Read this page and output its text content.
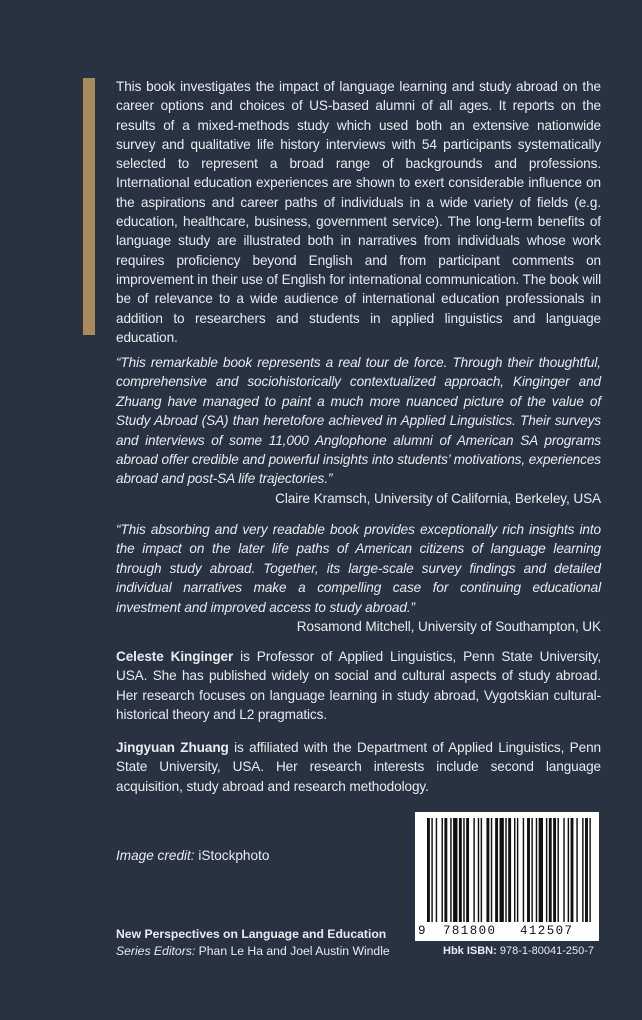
This book investigates the impact of language learning and study abroad on the career options and choices of US-based alumni of all ages. It reports on the results of a mixed-methods study which used both an extensive nationwide survey and qualitative life history interviews with 54 participants systematically selected to represent a broad range of backgrounds and professions. International education experiences are shown to exert considerable influence on the aspirations and career paths of individuals in a wide variety of fields (e.g. education, healthcare, business, government service). The long-term benefits of language study are illustrated both in narratives from individuals whose work requires proficiency beyond English and from participant comments on improvement in their use of English for international communication. The book will be of relevance to a wide audience of international education professionals in addition to researchers and students in applied linguistics and language education.

“This remarkable book represents a real tour de force. Through their thoughtful, comprehensive and sociohistorically contextualized approach, Kinginger and Zhuang have managed to paint a much more nuanced picture of the value of Study Abroad (SA) than heretofore achieved in Applied Linguistics. Their surveys and interviews of some 11,000 Anglophone alumni of American SA programs abroad offer credible and powerful insights into students’ motivations, experiences abroad and post-SA life trajectories.”

Claire Kramsch, University of California, Berkeley, USA

“This absorbing and very readable book provides exceptionally rich insights into the impact on the later life paths of American citizens of language learning through study abroad. Together, its large-scale survey findings and detailed individual narratives make a compelling case for continuing educational investment and improved access to study abroad.”

Rosamond Mitchell, University of Southampton, UK

Celeste Kinginger is Professor of Applied Linguistics, Penn State University, USA. She has published widely on social and cultural aspects of study abroad. Her research focuses on language learning in study abroad, Vygotskian cultural-historical theory and L2 pragmatics.
Jingyuan Zhuang is affiliated with the Department of Applied Linguistics, Penn State University, USA. Her research interests include second language acquisition, study abroad and research methodology.
Image credit: iStockphoto
New Perspectives on Language and Education
Series Editors: Phan Le Ha and Joel Austin Windle
9 781800 412507
Hbk ISBN: 978-1-80041-250-7
